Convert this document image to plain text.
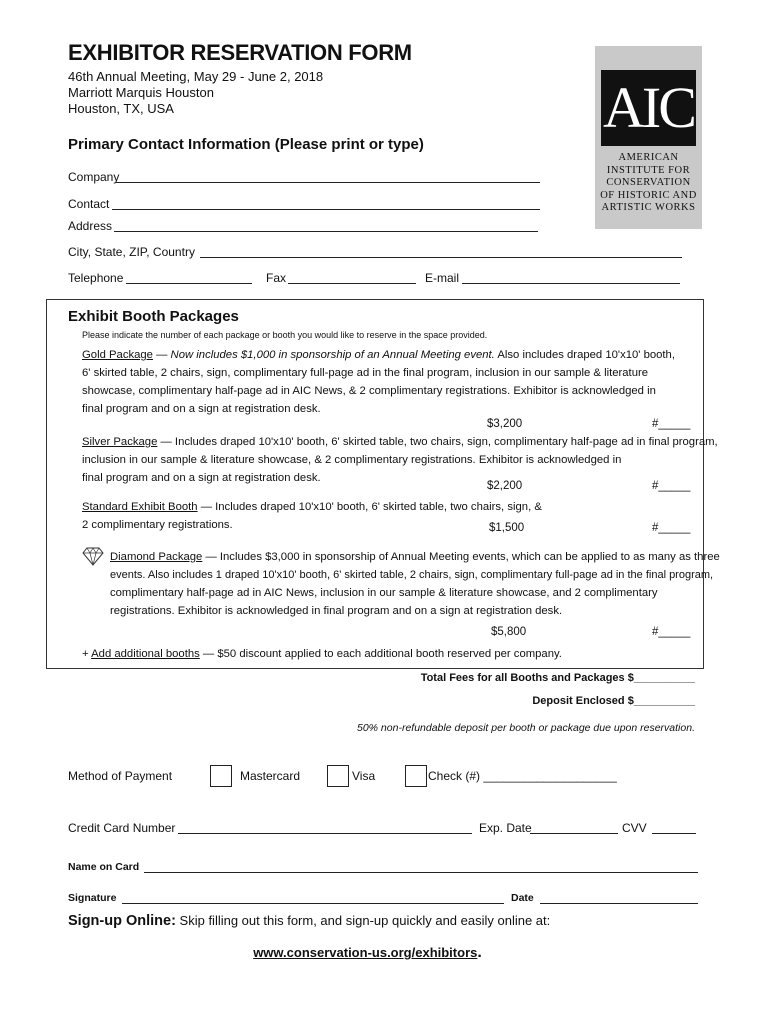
EXHIBITOR RESERVATION FORM
46th Annual Meeting, May 29 - June 2, 2018
Marriott Marquis Houston
Houston, TX, USA	AIC
AMERICAN
INSTITUTE FOR
CONSERVATION
OF HISTORIC AND
ARTISTIC WORKS
Primary Contact Information (Please print or type)
Company
Contact
Address
City, State, ZIP, Country
Telephone	Fax	E-mail
Exhibit Booth Packages
Please indicate the number of each package or booth you would like to reserve in the space provided.
Gold Package — Now includes $1,000 in sponsorship of an Annual Meeting event. Also includes draped 10'x10' booth,
6' skirted table, 2 chairs, sign, complimentary full-page ad in the final program, inclusion in our sample & literature
showcase, complimentary half-page ad in AIC News, & 2 complimentary registrations. Exhibitor is acknowledged in
final program and on a sign at registration desk.
$3,200	#_____
Silver Package — Includes draped 10'x10' booth, 6' skirted table, two chairs, sign, complimentary half-page ad in final program,
inclusion in our sample & literature showcase, & 2 complimentary registrations. Exhibitor is acknowledged in
final program and on a sign at registration desk.
$2,200	#_____
Standard Exhibit Booth — Includes draped 10'x10' booth, 6' skirted table, two chairs, sign, &
2 complimentary registrations.	$1,500	#_____
Diamond Package — Includes $3,000 in sponsorship of Annual Meeting events, which can be applied to as many as three
events. Also includes 1 draped 10'x10' booth, 6' skirted table, 2 chairs, sign, complimentary full-page ad in the final program,
complimentary half-page ad in AIC News, inclusion in our sample & literature showcase, and 2 complimentary
registrations. Exhibitor is acknowledged in final program and on a sign at registration desk.
$5,800	#_____
+ Add additional booths — $50 discount applied to each additional booth reserved per company.
Total Fees for all Booths and Packages $__________
Deposit Enclosed $__________
50% non-refundable deposit per booth or package due upon reservation.
Method of Payment	Mastercard	Visa	Check (#) ____________________
Credit Card Number	Exp. Date	CVV
Name on Card
Signature	Date
Sign-up Online: Skip filling out this form, and sign-up quickly and easily online at:
www.conservation-us.org/exhibitors.
